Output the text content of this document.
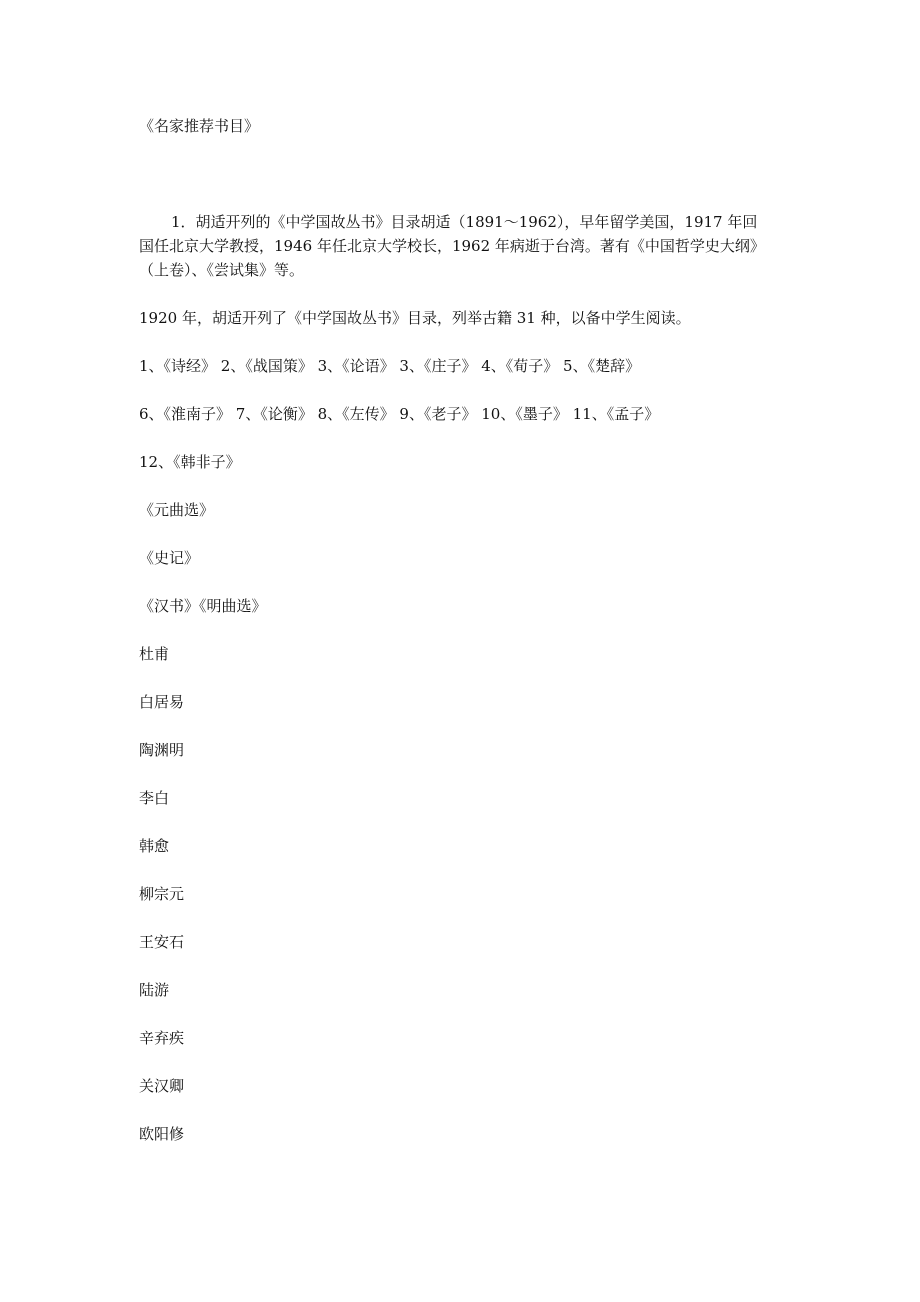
《名家推荐书目》
1．胡适开列的《中学国故丛书》目录胡适（1891～1962），早年留学美国，1917 年回
国任北京大学教授，1946 年任北京大学校长，1962 年病逝于台湾。著有《中国哲学史大纲》
（上卷）、《尝试集》等。
1920 年，胡适开列了《中学国故丛书》目录，列举古籍 31 种，以备中学生阅读。
1、《诗经》 2、《战国策》 3、《论语》 3、《庄子》 4、《荀子》 5、《楚辞》
6、《淮南子》 7、《论衡》 8、《左传》 9、《老子》 10、《墨子》 11、《孟子》
12、《韩非子》
《元曲选》
《史记》
《汉书》《明曲选》
杜甫
白居易
陶渊明
李白
韩愈
柳宗元
王安石
陆游
辛弃疾
关汉卿
欧阳修
